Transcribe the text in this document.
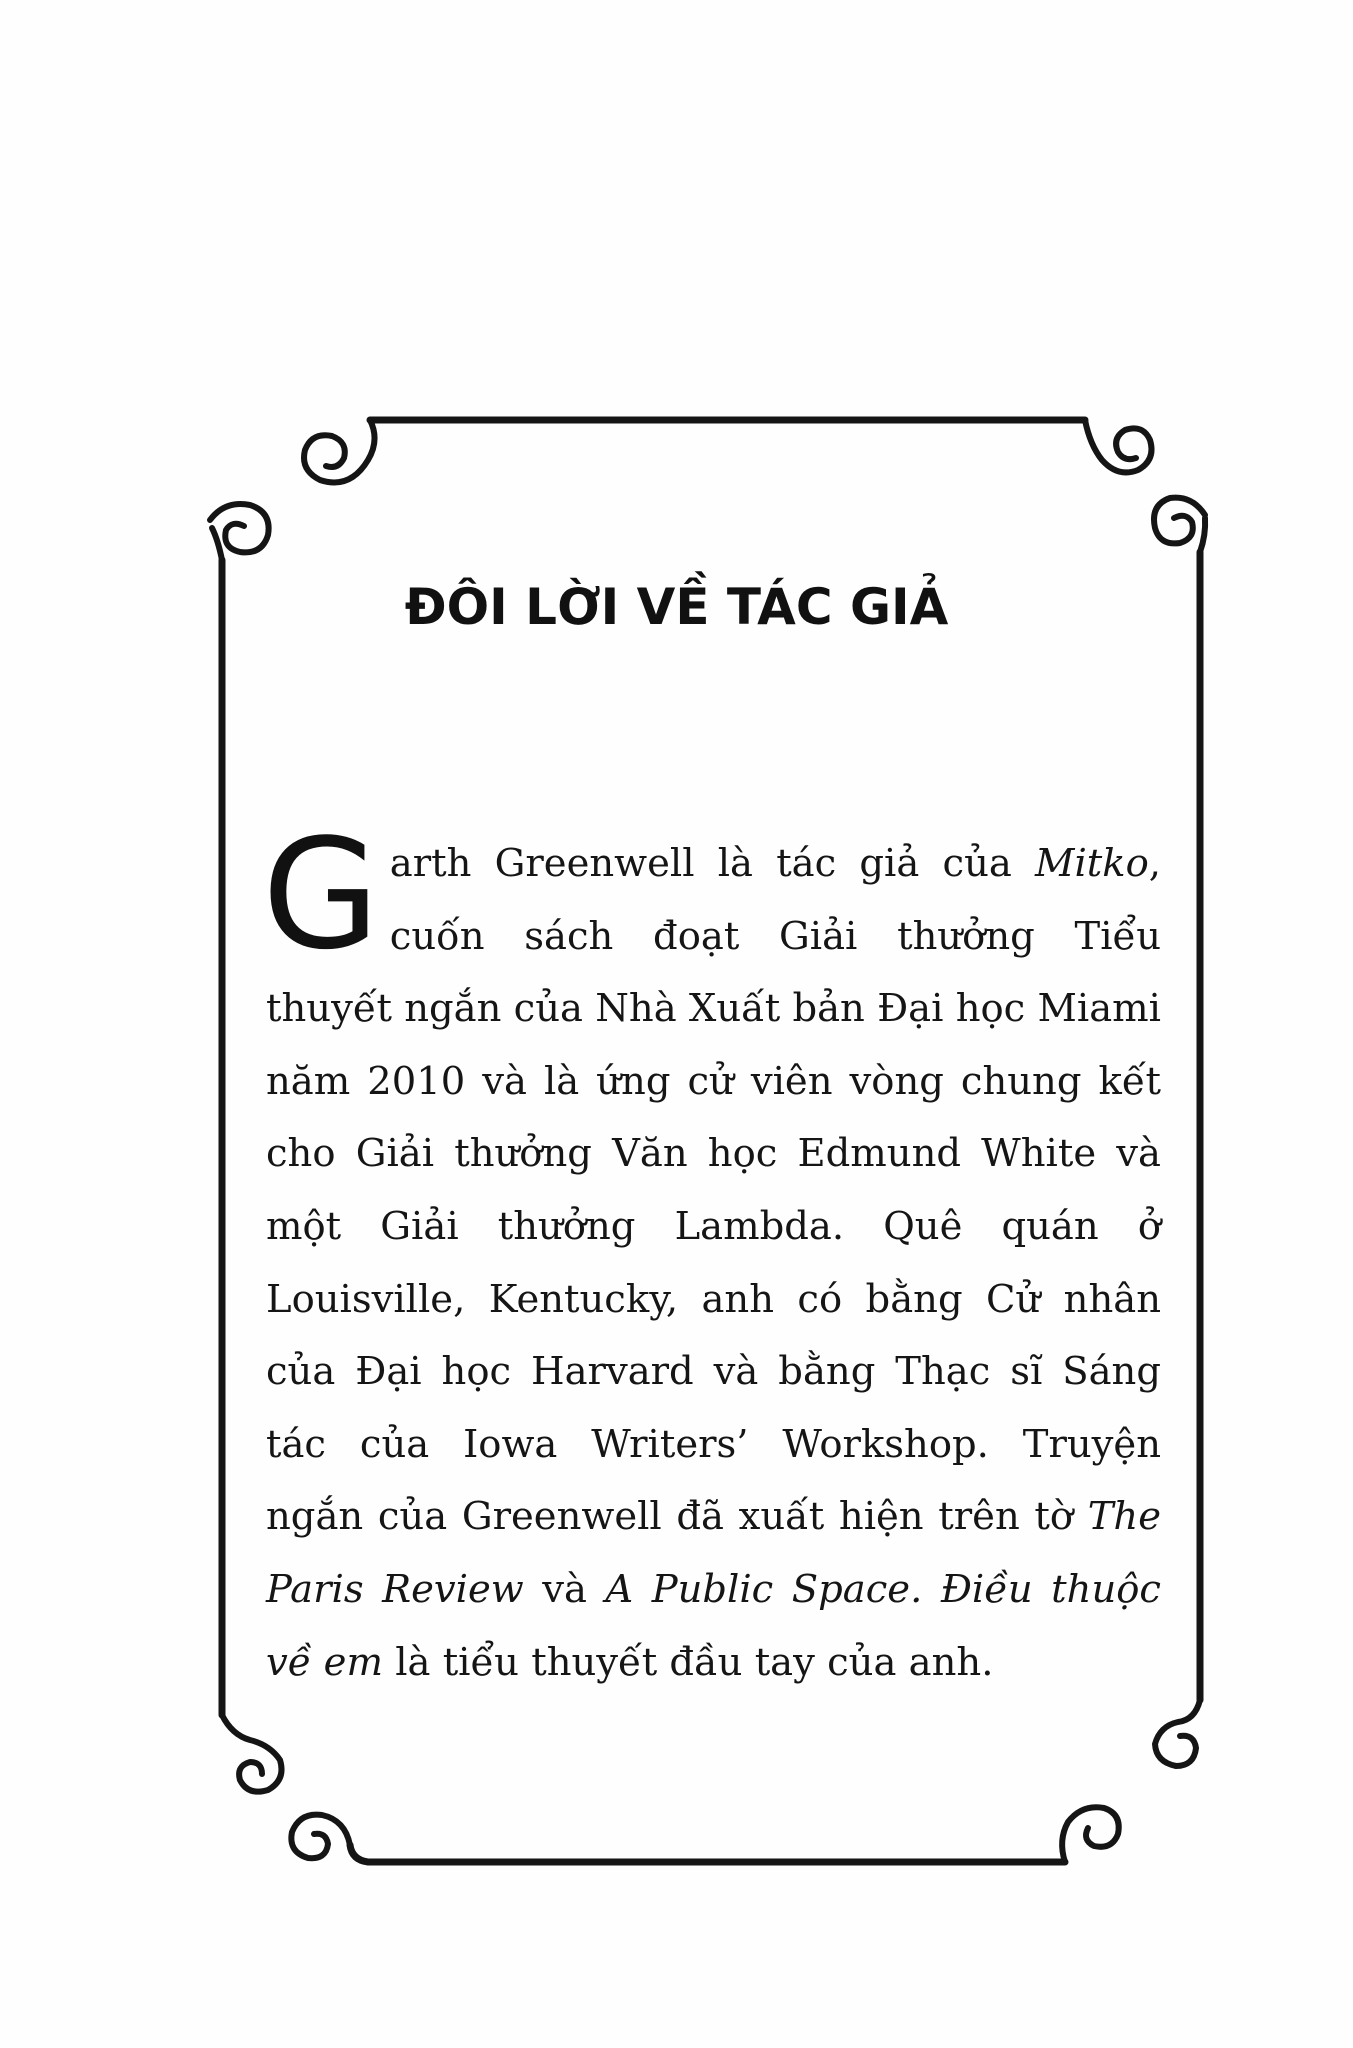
ĐÔI LỜI VỀ TÁC GIẢ

Garth Greenwell là tác giả của Mitko, cuốn sách đoạt Giải thưởng Tiểu thuyết ngắn của Nhà Xuất bản Đại học Miami năm 2010 và là ứng cử viên vòng chung kết cho Giải thưởng Văn học Edmund White và một Giải thưởng Lambda. Quê quán ở Louisville, Kentucky, anh có bằng Cử nhân của Đại học Harvard và bằng Thạc sĩ Sáng tác của Iowa Writers’ Workshop. Truyện ngắn của Greenwell đã xuất hiện trên tờ The Paris Review và A Public Space. Điều thuộc về em là tiểu thuyết đầu tay của anh.
